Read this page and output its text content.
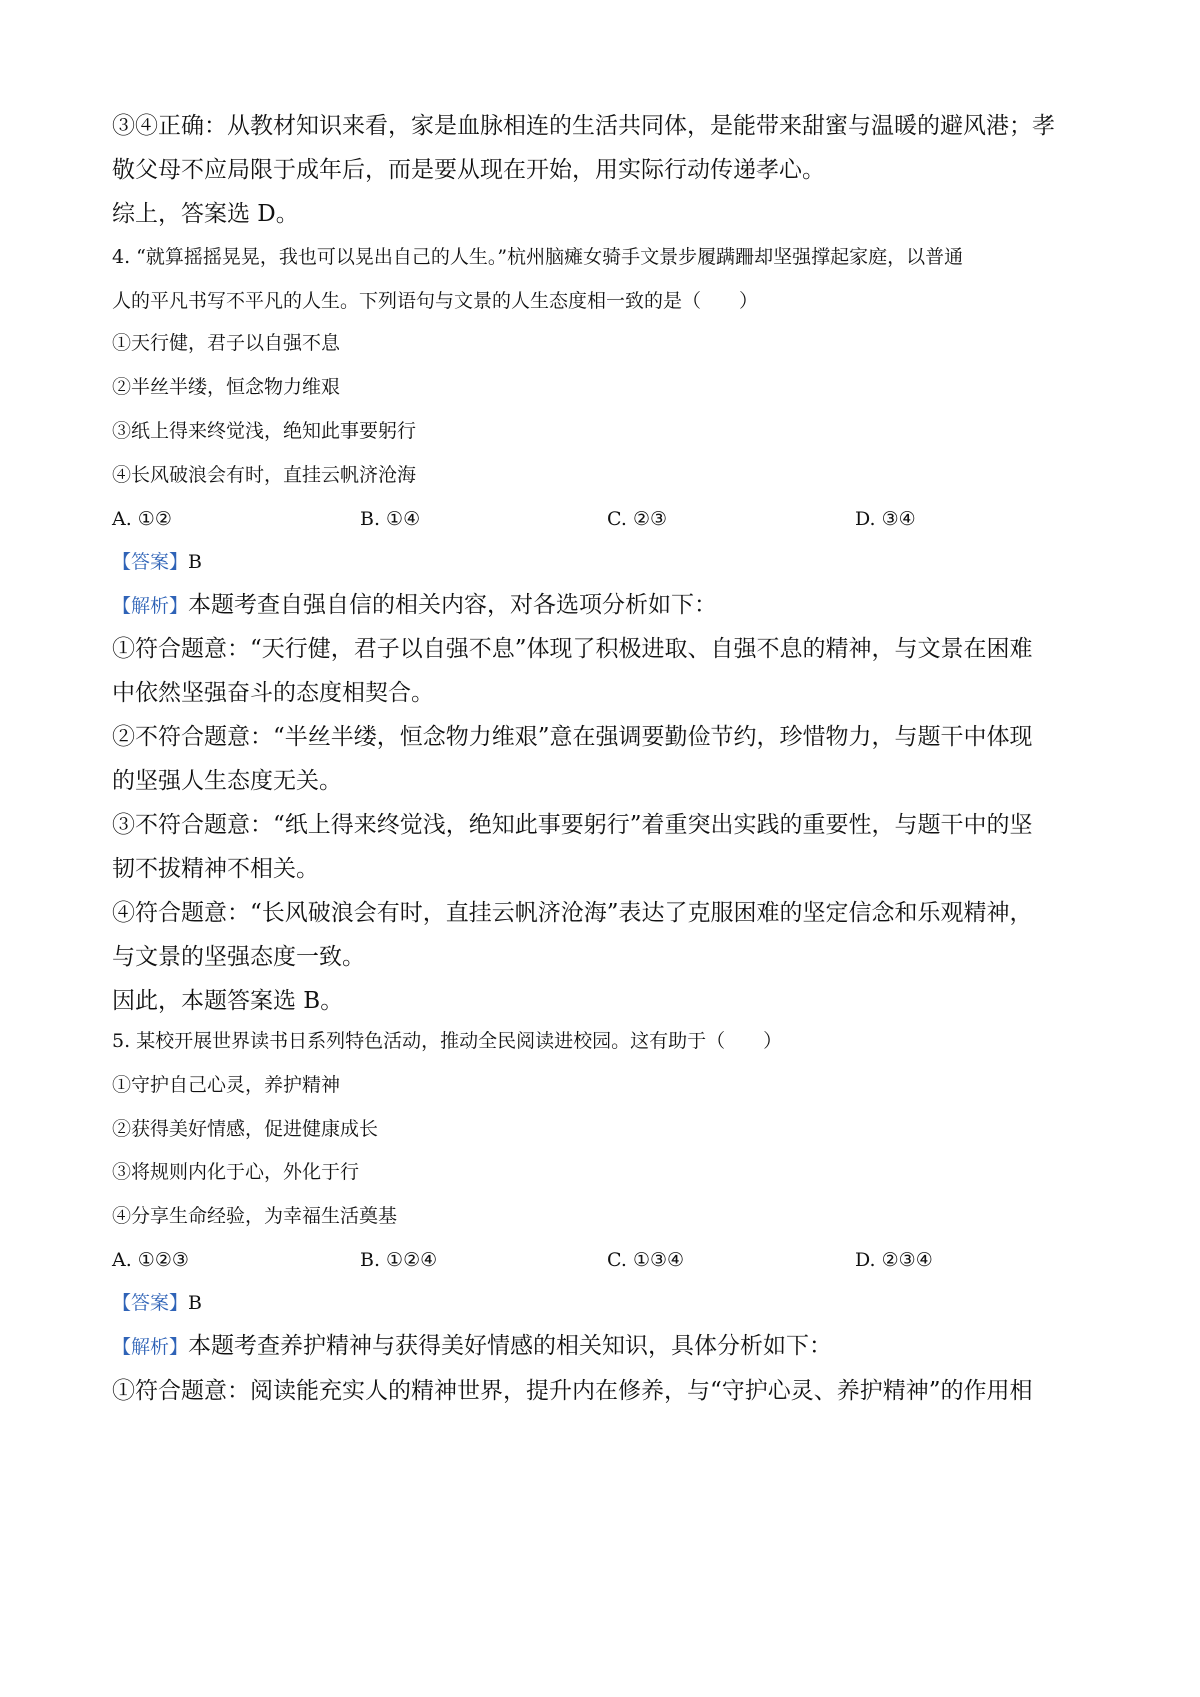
③④正确：从教材知识来看，家是血脉相连的生活共同体，是能带来甜蜜与温暖的避风港；孝
敬父母不应局限于成年后，而是要从现在开始，用实际行动传递孝心。
综上，答案选 D。
4. “就算摇摇晃晃，我也可以晃出自己的人生。”杭州脑瘫女骑手文景步履蹒跚却坚强撑起家庭，以普通
人的平凡书写不平凡的人生。下列语句与文景的人生态度相一致的是（　　）
①天行健，君子以自强不息
②半丝半缕，恒念物力维艰
③纸上得来终觉浅，绝知此事要躬行
④长风破浪会有时，直挂云帆济沧海
A. ①②	B. ①④	C. ②③	D. ③④
【答案】B
【解析】本题考查自强自信的相关内容，对各选项分析如下：
①符合题意：“天行健，君子以自强不息”体现了积极进取、自强不息的精神，与文景在困难
中依然坚强奋斗的态度相契合。
②不符合题意：“半丝半缕，恒念物力维艰”意在强调要勤俭节约，珍惜物力，与题干中体现
的坚强人生态度无关。
③不符合题意：“纸上得来终觉浅，绝知此事要躬行”着重突出实践的重要性，与题干中的坚
韧不拔精神不相关。
④符合题意：“长风破浪会有时，直挂云帆济沧海”表达了克服困难的坚定信念和乐观精神，
与文景的坚强态度一致。
因此，本题答案选 B。
5. 某校开展世界读书日系列特色活动，推动全民阅读进校园。这有助于（　　）
①守护自己心灵，养护精神
②获得美好情感，促进健康成长
③将规则内化于心，外化于行
④分享生命经验，为幸福生活奠基
A. ①②③	B. ①②④	C. ①③④	D. ②③④
【答案】B
【解析】本题考查养护精神与获得美好情感的相关知识，具体分析如下：
①符合题意：阅读能充实人的精神世界，提升内在修养，与“守护心灵、养护精神”的作用相
